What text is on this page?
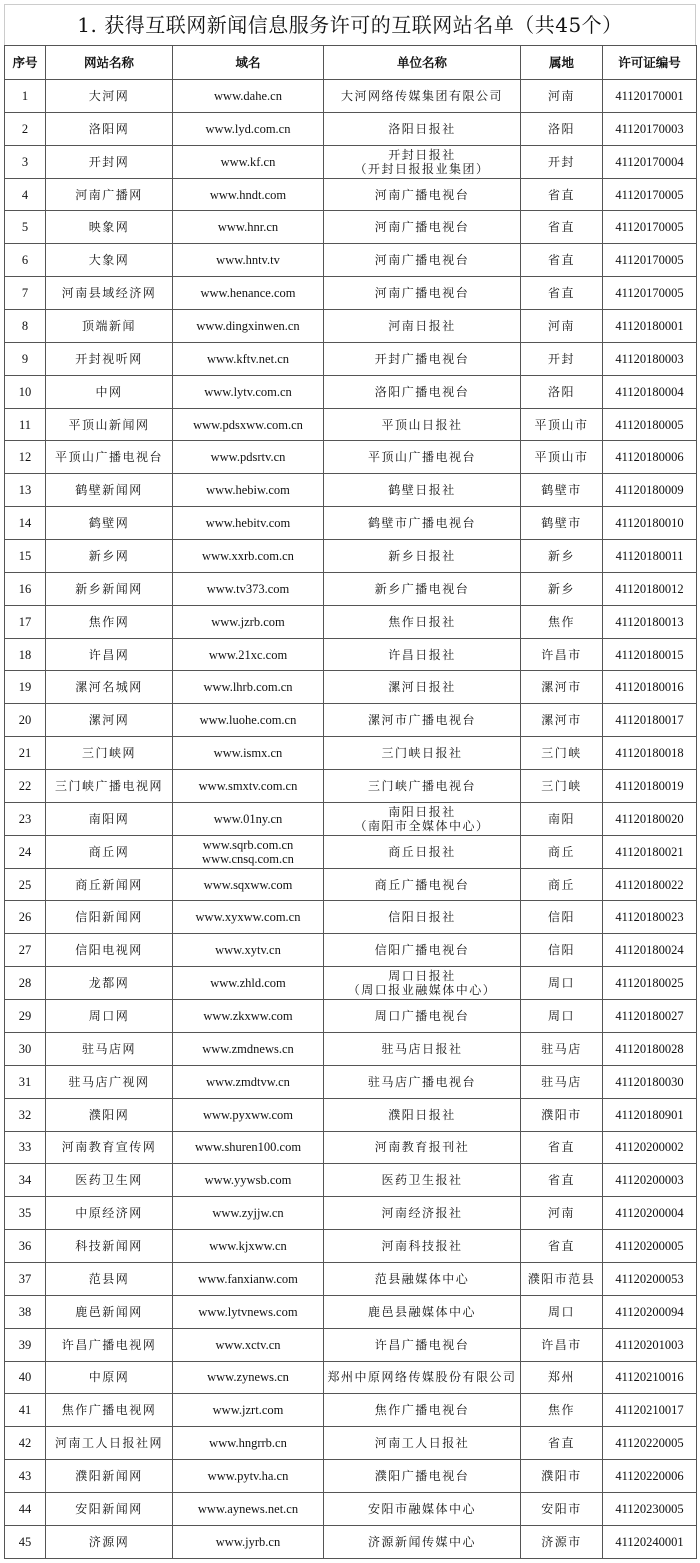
1. 获得互联网新闻信息服务许可的互联网站名单（共45个）
序号	网站名称	域名	单位名称	属地	许可证编号
1	大河网	www.dahe.cn	大河网络传媒集团有限公司	河南	41120170001
2	洛阳网	www.lyd.com.cn	洛阳日报社	洛阳	41120170003
3	开封网	www.kf.cn	开封日报社
（开封日报报业集团）	开封	41120170004
4	河南广播网	www.hndt.com	河南广播电视台	省直	41120170005
5	映象网	www.hnr.cn	河南广播电视台	省直	41120170005
6	大象网	www.hntv.tv	河南广播电视台	省直	41120170005
7	河南县域经济网	www.henance.com	河南广播电视台	省直	41120170005
8	顶端新闻	www.dingxinwen.cn	河南日报社	河南	41120180001
9	开封视听网	www.kftv.net.cn	开封广播电视台	开封	41120180003
10	中网	www.lytv.com.cn	洛阳广播电视台	洛阳	41120180004
11	平顶山新闻网	www.pdsxww.com.cn	平顶山日报社	平顶山市	41120180005
12	平顶山广播电视台	www.pdsrtv.cn	平顶山广播电视台	平顶山市	41120180006
13	鹤壁新闻网	www.hebiw.com	鹤壁日报社	鹤壁市	41120180009
14	鹤壁网	www.hebitv.com	鹤壁市广播电视台	鹤壁市	41120180010
15	新乡网	www.xxrb.com.cn	新乡日报社	新乡	41120180011
16	新乡新闻网	www.tv373.com	新乡广播电视台	新乡	41120180012
17	焦作网	www.jzrb.com	焦作日报社	焦作	41120180013
18	许昌网	www.21xc.com	许昌日报社	许昌市	41120180015
19	漯河名城网	www.lhrb.com.cn	漯河日报社	漯河市	41120180016
20	漯河网	www.luohe.com.cn	漯河市广播电视台	漯河市	41120180017
21	三门峡网	www.ismx.cn	三门峡日报社	三门峡	41120180018
22	三门峡广播电视网	www.smxtv.com.cn	三门峡广播电视台	三门峡	41120180019
23	南阳网	www.01ny.cn	南阳日报社
（南阳市全媒体中心）	南阳	41120180020
24	商丘网	www.sqrb.com.cn
www.cnsq.com.cn	商丘日报社	商丘	41120180021
25	商丘新闻网	www.sqxww.com	商丘广播电视台	商丘	41120180022
26	信阳新闻网	www.xyxww.com.cn	信阳日报社	信阳	41120180023
27	信阳电视网	www.xytv.cn	信阳广播电视台	信阳	41120180024
28	龙都网	www.zhld.com	周口日报社
（周口报业融媒体中心）	周口	41120180025
29	周口网	www.zkxww.com	周口广播电视台	周口	41120180027
30	驻马店网	www.zmdnews.cn	驻马店日报社	驻马店	41120180028
31	驻马店广视网	www.zmdtvw.cn	驻马店广播电视台	驻马店	41120180030
32	濮阳网	www.pyxww.com	濮阳日报社	濮阳市	41120180901
33	河南教育宣传网	www.shuren100.com	河南教育报刊社	省直	41120200002
34	医药卫生网	www.yywsb.com	医药卫生报社	省直	41120200003
35	中原经济网	www.zyjjw.cn	河南经济报社	河南	41120200004
36	科技新闻网	www.kjxww.cn	河南科技报社	省直	41120200005
37	范县网	www.fanxianw.com	范县融媒体中心	濮阳市范县	41120200053
38	鹿邑新闻网	www.lytvnews.com	鹿邑县融媒体中心	周口	41120200094
39	许昌广播电视网	www.xctv.cn	许昌广播电视台	许昌市	41120201003
40	中原网	www.zynews.cn	郑州中原网络传媒股份有限公司	郑州	41120210016
41	焦作广播电视网	www.jzrt.com	焦作广播电视台	焦作	41120210017
42	河南工人日报社网	www.hngrrb.cn	河南工人日报社	省直	41120220005
43	濮阳新闻网	www.pytv.ha.cn	濮阳广播电视台	濮阳市	41120220006
44	安阳新闻网	www.aynews.net.cn	安阳市融媒体中心	安阳市	41120230005
45	济源网	www.jyrb.cn	济源新闻传媒中心	济源市	41120240001
